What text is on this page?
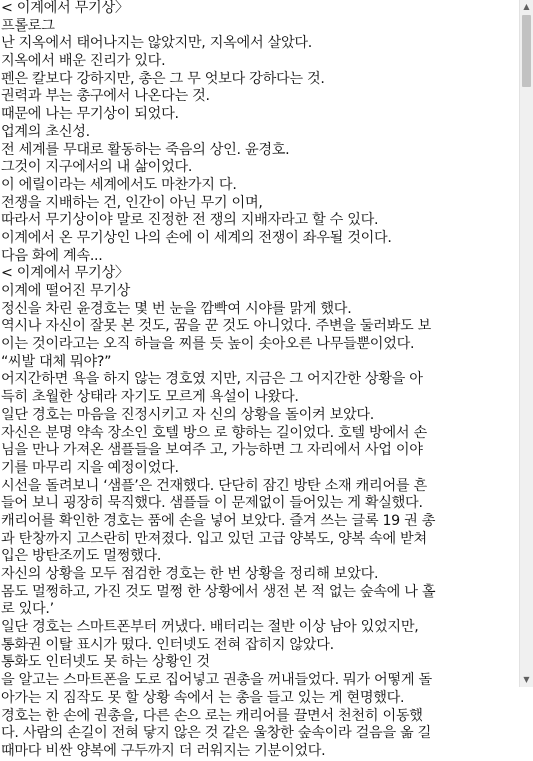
< 이계에서 무기상〉
프롤로그
난 지옥에서 태어나지는 않았지만, 지옥에서 살았다.
지옥에서 배운 진리가 있다.
펜은 칼보다 강하지만, 총은 그 무 엇보다 강하다는 것.
권력과 부는 총구에서 나온다는 것.
때문에 나는 무기상이 되었다.
업계의 초신성.
전 세계를 무대로 활동하는 죽음의 상인. 윤경호.
그것이 지구에서의 내 삶이었다.
이 에릴이라는 세계에서도 마찬가지 다.
전쟁을 지배하는 건, 인간이 아닌 무기 이며,
따라서 무기상이야 말로 진정한 전 쟁의 지배자라고 할 수 있다.
이계에서 온 무기상인 나의 손에 이 세계의 전쟁이 좌우될 것이다.
다음 화에 계속...
< 이계에서 무기상〉
이계에 떨어진 무기상
정신을 차린 윤경호는 몇 번 눈을 깜빡여 시야를 맑게 했다.
역시나 자신이 잘못 본 것도, 꿈을 꾼 것도 아니었다. 주변을 둘러봐도 보
이는 것이라고는 오직 하늘을 찌를 듯 높이 솟아오른 나무들뿐이었다.
“씨발 대체 뭐야?”
어지간하면 욕을 하지 않는 경호였 지만, 지금은 그 어지간한 상황을 아
득히 초월한 상태라 자기도 모르게 욕설이 나왔다.
일단 경호는 마음을 진정시키고 자 신의 상황을 돌이켜 보았다.
자신은 분명 약속 장소인 호텔 방으 로 향하는 길이었다. 호텔 방에서 손
님을 만나 가져온 샘플들을 보여주 고, 가능하면 그 자리에서 사업 이야
기를 마무리 지을 예정이었다.
시선을 돌려보니 ‘샘플’은 건재했다. 단단히 잠긴 방탄 소재 캐리어를 흔
들어 보니 굉장히 묵직했다. 샘플들 이 문제없이 들어있는 게 확실했다.
캐리어를 확인한 경호는 품에 손을 넣어 보았다. 즐겨 쓰는 글록 19 권 총
과 탄창까지 고스란히 만져졌다. 입고 있던 고급 양복도, 양복 속에 받쳐
입은 방탄조끼도 멀쩡했다.
자신의 상황을 모두 점검한 경호는 한 번 상황을 정리해 보았다.
몸도 멀쩡하고, 가진 것도 멀쩡 한 상황에서 생전 본 적 없는 숲속에 나 홀
로 있다.’
일단 경호는 스마트폰부터 꺼냈다. 배터리는 절반 이상 남아 있었지만,
통화권 이탈 표시가 떴다. 인터넷도 전혀 잡히지 않았다.
통화도 인터넷도 못 하는 상황인 것
을 알고는 스마트폰을 도로 집어넣고 권총을 꺼내들었다. 뭐가 어떻게 돌
아가는 지 짐작도 못 할 상황 속에서 는 총을 들고 있는 게 현명했다.
경호는 한 손에 권총을, 다른 손으 로는 캐리어를 끌면서 천천히 이동했
다. 사람의 손길이 전혀 닿지 않은 것 같은 울창한 숲속이라 걸음을 옮 길
때마다 비싼 양복에 구두까지 더 러워지는 기분이었다.
▲
▼
